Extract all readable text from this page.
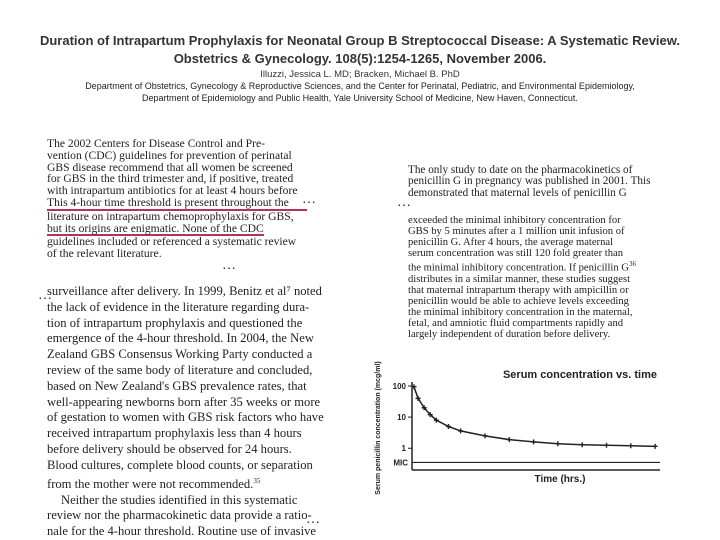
Duration of Intrapartum Prophylaxis for Neonatal Group B Streptococcal Disease: A Systematic Review.
Obstetrics & Gynecology. 108(5):1254-1265, November 2006.
Illuzzi, Jessica L. MD; Bracken, Michael B. PhD
Department of Obstetrics, Gynecology & Reproductive Sciences, and the Center for Perinatal, Pediatric, and Environmental Epidemiology,
Department of Epidemiology and Public Health, Yale University School of Medicine, New Haven, Connecticut.
The 2002 Centers for Disease Control and Pre-
vention (CDC) guidelines for prevention of perinatal
GBS disease recommend that all women be screened
for GBS in the third trimester and, if positive, treated
with intrapartum antibiotics for at least 4 hours before
This 4-hour time threshold is present throughout the
literature on intrapartum chemoprophylaxis for GBS,
but its origins are enigmatic. None of the CDC
guidelines included or referenced a systematic review
of the relevant literature.
…
…
…
surveillance after delivery. In 1999, Benitz et al⁷ noted
the lack of evidence in the literature regarding dura-
tion of intrapartum prophylaxis and questioned the
emergence of the 4-hour threshold. In 2004, the New
Zealand GBS Consensus Working Party conducted a
review of the same body of literature and concluded,
based on New Zealand's GBS prevalence rates, that
well-appearing newborns born after 35 weeks or more
of gestation to women with GBS risk factors who have
received intrapartum prophylaxis less than 4 hours
before delivery should be observed for 24 hours.
Blood cultures, complete blood counts, or separation
from the mother were not recommended.$^{35}$
Neither the studies identified in this systematic
review nor the pharmacokinetic data provide a ratio-
nale for the 4-hour threshold. Routine use of invasive
…
The only study to date on the pharmacokinetics of
penicillin G in pregnancy was published in 2001. This
demonstrated that maternal levels of penicillin G
exceeded the minimal inhibitory concentration for
GBS by 5 minutes after a 1 million unit infusion of
penicillin G. After 4 hours, the average maternal
serum concentration was still 120 fold greater than
the minimal inhibitory concentration. If penicillin $G^{36}$
distributes in a similar manner, these studies suggest
that maternal intrapartum therapy with ampicillin or
penicillin would be able to achieve levels exceeding
the minimal inhibitory concentration in the maternal,
fetal, and amniotic fluid compartments rapidly and
largely independent of duration before delivery.
…
Serum concentration vs. time
Serum penicillin concentration (mcg/ml)	Time (hrs.)
100
10
1
MIC
